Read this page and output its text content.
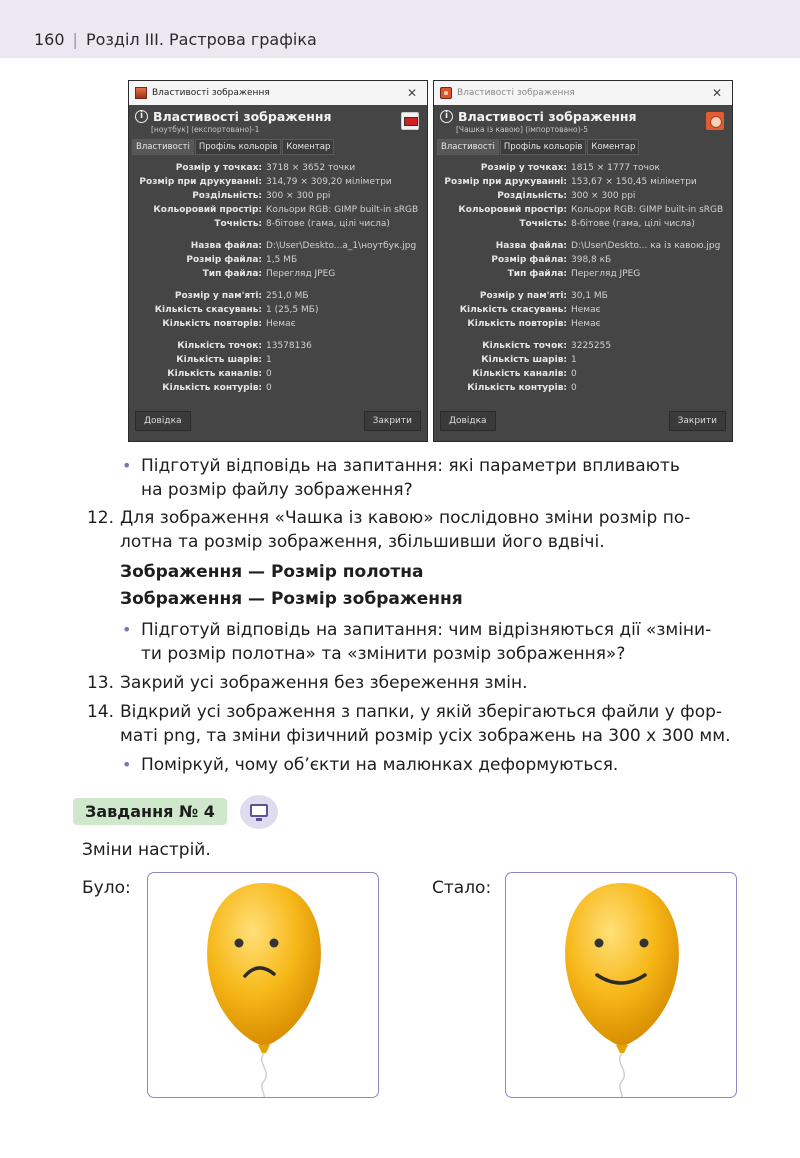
160 | Розділ III. Растрова графіка
Властивості зображення	✕
i Властивості зображення
[ноутбук] (експортовано)-1
Властивості	Профіль кольорів	Коментар
Розмір у точках: 3718 × 3652 точки
Розмір при друкуванні: 314,79 × 309,20 міліметри
Роздільність: 300 × 300 ppi
Кольоровий простір: Кольори RGB: GIMP built-in sRGB
Точність: 8-бітове (гама, цілі числа)
Назва файла: D:\User\Deskto...a_1\ноутбук.jpg
Розмір файла: 1,5 МБ
Тип файла: Перегляд JPEG
Розмір у пам'яті: 251,0 МБ
Кількість скасувань: 1 (25,5 МБ)
Кількість повторів: Немає
Кількість точок: 13578136
Кількість шарів: 1
Кількість каналів: 0
Кількість контурів: 0
Довідка	Закрити
Властивості зображення	✕
i Властивості зображення
[Чашка із кавою] (імпортовано)-5
Властивості	Профіль кольорів	Коментар
Розмір у точках: 1815 × 1777 точок
Розмір при друкуванні: 153,67 × 150,45 міліметри
Роздільність: 300 × 300 ppi
Кольоровий простір: Кольори RGB: GIMP built-in sRGB
Точність: 8-бітове (гама, цілі числа)
Назва файла: D:\User\Deskto... ка із кавою.jpg
Розмір файла: 398,8 кБ
Тип файла: Перегляд JPEG
Розмір у пам'яті: 30,1 МБ
Кількість скасувань: Немає
Кількість повторів: Немає
Кількість точок: 3225255
Кількість шарів: 1
Кількість каналів: 0
Кількість контурів: 0
Довідка	Закрити
• Підготуй відповідь на запитання: які параметри впливають
на розмір файлу зображення?
12. Для зображення «Чашка із кавою» послідовно зміни розмір по-
лотна та розмір зображення, збільшивши його вдвічі.
Зображення — Розмір полотна
Зображення — Розмір зображення
• Підготуй відповідь на запитання: чим відрізняються дії «зміни-
ти розмір полотна» та «змінити розмір зображення»?
13. Закрий усі зображення без збереження змін.
14. Відкрий усі зображення з папки, у якій зберігаються файли у фор-
маті png, та зміни фізичний розмір усіх зображень на 300 х 300 мм.
• Поміркуй, чому об’єкти на малюнках деформуються.
Завдання № 4
Зміни настрій.
Було:	Стало:
